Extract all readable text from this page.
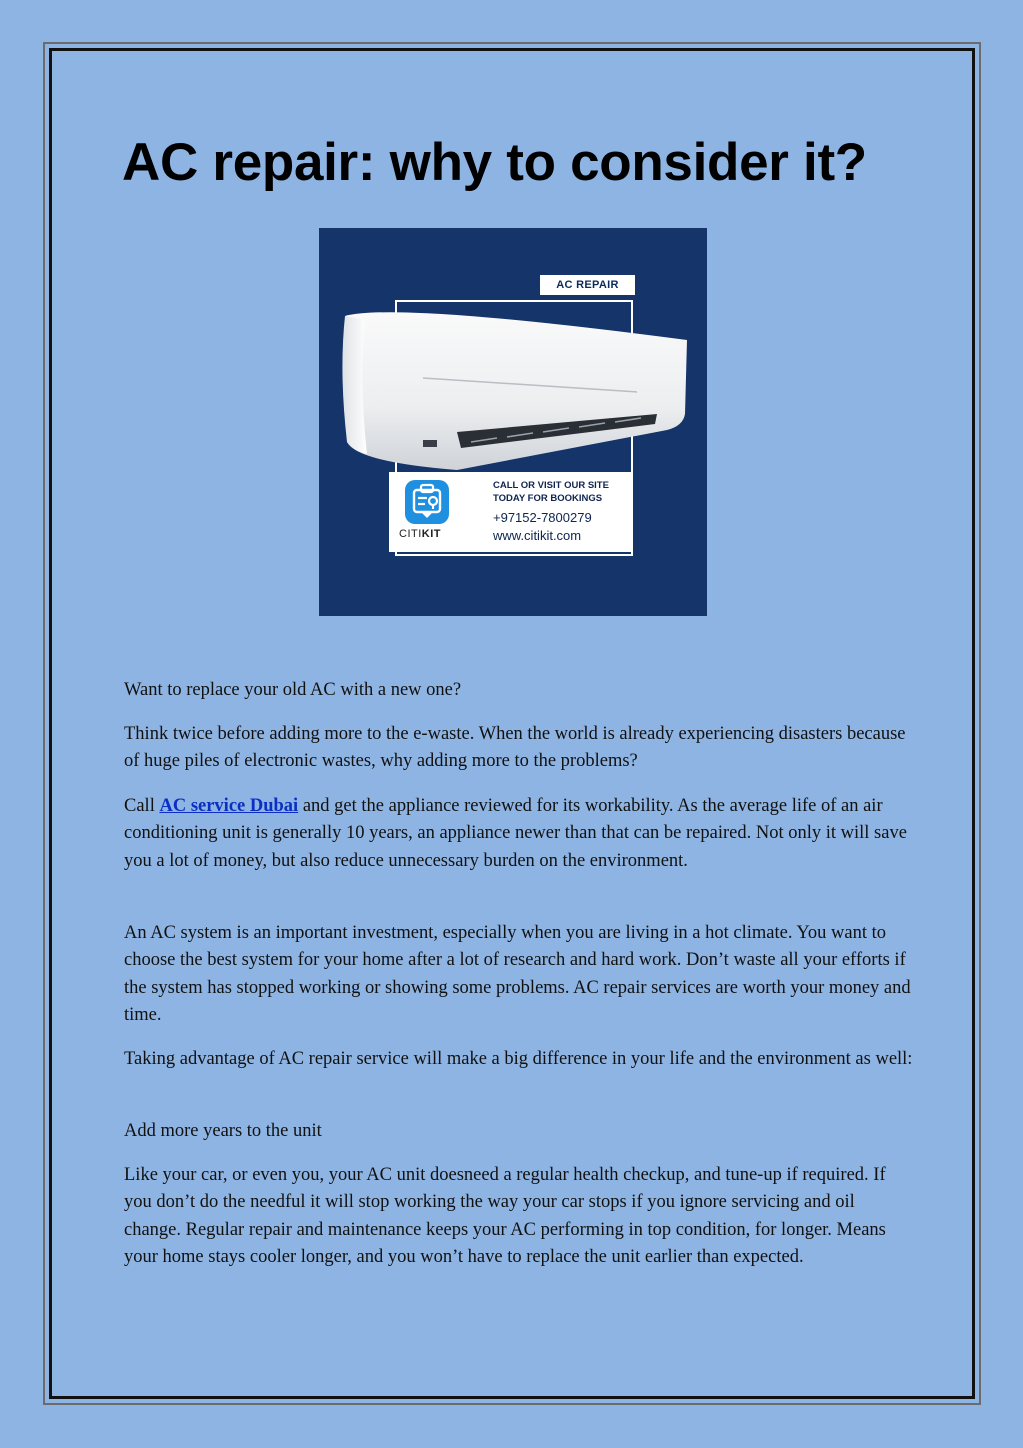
AC repair: why to consider it?
AC REPAIR
CITIKIT
CALL OR VISIT OUR SITE
TODAY FOR BOOKINGS
+97152-7800279
www.citikit.com

Want to replace your old AC with a new one?

Think twice before adding more to the e-waste. When the world is already experiencing disasters because of huge piles of electronic wastes, why adding more to the problems?

Call AC service Dubai and get the appliance reviewed for its workability. As the average life of an air conditioning unit is generally 10 years, an appliance newer than that can be repaired. Not only it will save you a lot of money, but also reduce unnecessary burden on the environment.

An AC system is an important investment, especially when you are living in a hot climate. You want to choose the best system for your home after a lot of research and hard work. Don’t waste all your efforts if the system has stopped working or showing some problems. AC repair services are worth your money and time.

Taking advantage of AC repair service will make a big difference in your life and the environment as well:

Add more years to the unit

Like your car, or even you, your AC unit doesneed a regular health checkup, and tune-up if required. If you don’t do the needful it will stop working the way your car stops if you ignore servicing and oil change. Regular repair and maintenance keeps your AC performing in top condition, for longer. Means your home stays cooler longer, and you won’t have to replace the unit earlier than expected.
